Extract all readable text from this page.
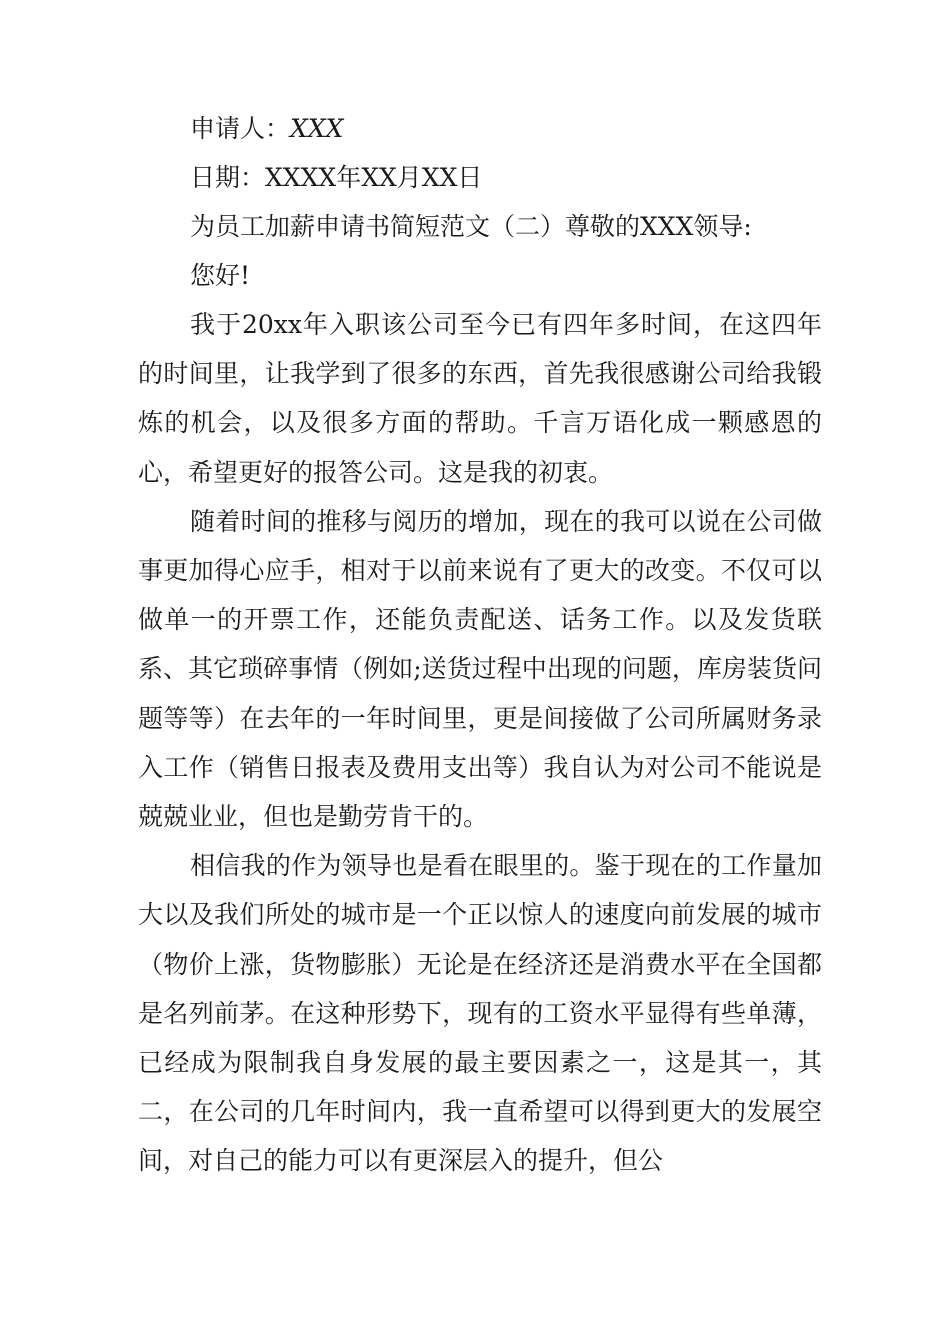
申请人：XXX

日期：XXXX年XX月XX日

为员工加薪申请书简短范文（二）尊敬的XXX领导:

您好!

我于20xx年入职该公司至今已有四年多时间，在这四年的时间里，让我学到了很多的东西，首先我很感谢公司给我锻炼的机会，以及很多方面的帮助。千言万语化成一颗感恩的心，希望更好的报答公司。这是我的初衷。

随着时间的推移与阅历的增加，现在的我可以说在公司做事更加得心应手，相对于以前来说有了更大的改变。不仅可以做单一的开票工作，还能负责配送、话务工作。以及发货联系、其它琐碎事情（例如;送货过程中出现的问题，库房装货问题等等）在去年的一年时间里，更是间接做了公司所属财务录入工作（销售日报表及费用支出等）我自认为对公司不能说是兢兢业业，但也是勤劳肯干的。

相信我的作为领导也是看在眼里的。鉴于现在的工作量加大以及我们所处的城市是一个正以惊人的速度向前发展的城市（物价上涨，货物膨胀）无论是在经济还是消费水平在全国都是名列前茅。在这种形势下，现有的工资水平显得有些单薄，已经成为限制我自身发展的最主要因素之一，这是其一，其二，在公司的几年时间内，我一直希望可以得到更大的发展空间，对自己的能力可以有更深层入的提升，但公
